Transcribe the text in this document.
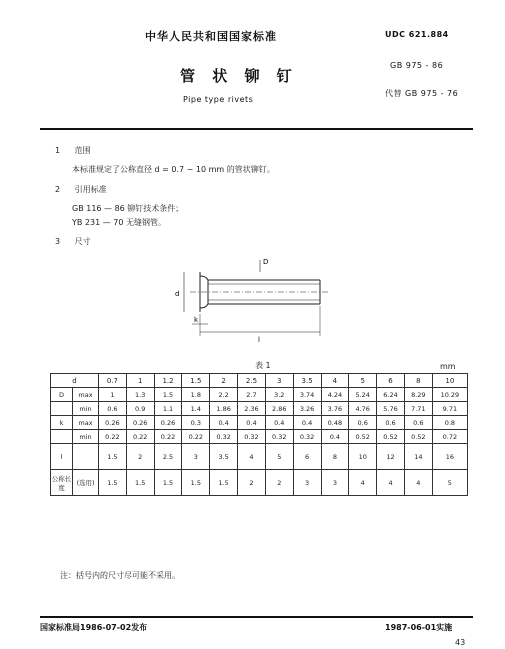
中华人民共和国国家标准	UDC 621.884
GB 975 - 86
代替 GB 975 - 76
管 状 铆 钉
Pipe type rivets
1 范围
本标准规定了公称直径 d = 0.7 ~ 10 mm 的管状铆钉。
2 引用标准
GB 116 — 86 铆钉技术条件；
YB 231 — 70 无缝钢管。
3 尺寸
d
D
l
k
表 1	mm
d		0.7	1	1.2	1.5	2	2.5	3	3.5	4	5	6	8	10
D	max	1	1.3	1.5	1.8	2.2	2.7	3.2	3.74	4.24	5.24	6.24	8.29	10.29
	min	0.6	0.9	1.1	1.4	1.86	2.36	2.86	3.26	3.76	4.76	5.76	7.71	9.71
k	max	0.26	0.26	0.26	0.3	0.4	0.4	0.4	0.4	0.48	0.6	0.6	0.6	0.8
	min	0.22	0.22	0.22	0.22	0.32	0.32	0.32	0.32	0.4	0.52	0.52	0.52	0.72
l		1.5	2	2.5	3	3.5	4	5	6	8	10	12	14	16
公称长度	(选用)	1.5	1.5	1.5	1.5	1.5	2	2	3	3	4	4	4	5
注：括号内的尺寸尽可能不采用。
国家标准局1986-07-02发布	1987-06-01实施
43
